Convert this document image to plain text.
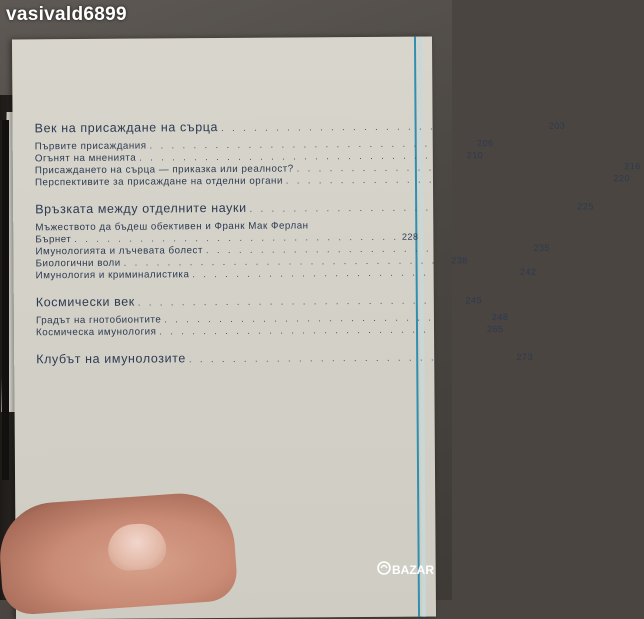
Век на присаждане на сърца . . . . . . . . . . . . . . . . . . . . . . . . . . . . . . 203
Първите присаждания . . . . . . . . . . . . . . . . . . . . . . . . . . . . . . 206
Огънят на мненията . . . . . . . . . . . . . . . . . . . . . . . . . . . . . . 210
Присаждането на сърца — приказка или реалност? . . . . . . . . . . . . . . . . . . . . . . . . . . . . . . 216
Перспективите за присаждане на отделни органи . . . . . . . . . . . . . . . . . . . . . . . . . . . . . . 220
Връзката между отделните науки . . . . . . . . . . . . . . . . . . . . . . . . . . . . . . 225
Мъжеството да бъдеш обективен и Франк Мак Ферлан
Бърнет . . . . . . . . . . . . . . . . . . . . . . . . . . . . . . 228
Имунологията и лъчевата болест . . . . . . . . . . . . . . . . . . . . . . . . . . . . . . 235
Биологични воли . . . . . . . . . . . . . . . . . . . . . . . . . . . . . . 238
Имунология и криминалистика . . . . . . . . . . . . . . . . . . . . . . . . . . . . . . 242
Космически век . . . . . . . . . . . . . . . . . . . . . . . . . . . . . . 245
Градът на гнотобионтите . . . . . . . . . . . . . . . . . . . . . . . . . . . . . . 248
Космическа имунология . . . . . . . . . . . . . . . . . . . . . . . . . . . . . . 265
Клубът на имунолозите . . . . . . . . . . . . . . . . . . . . . . . . . . . . . . 273
BAZAR
vasivald6899
